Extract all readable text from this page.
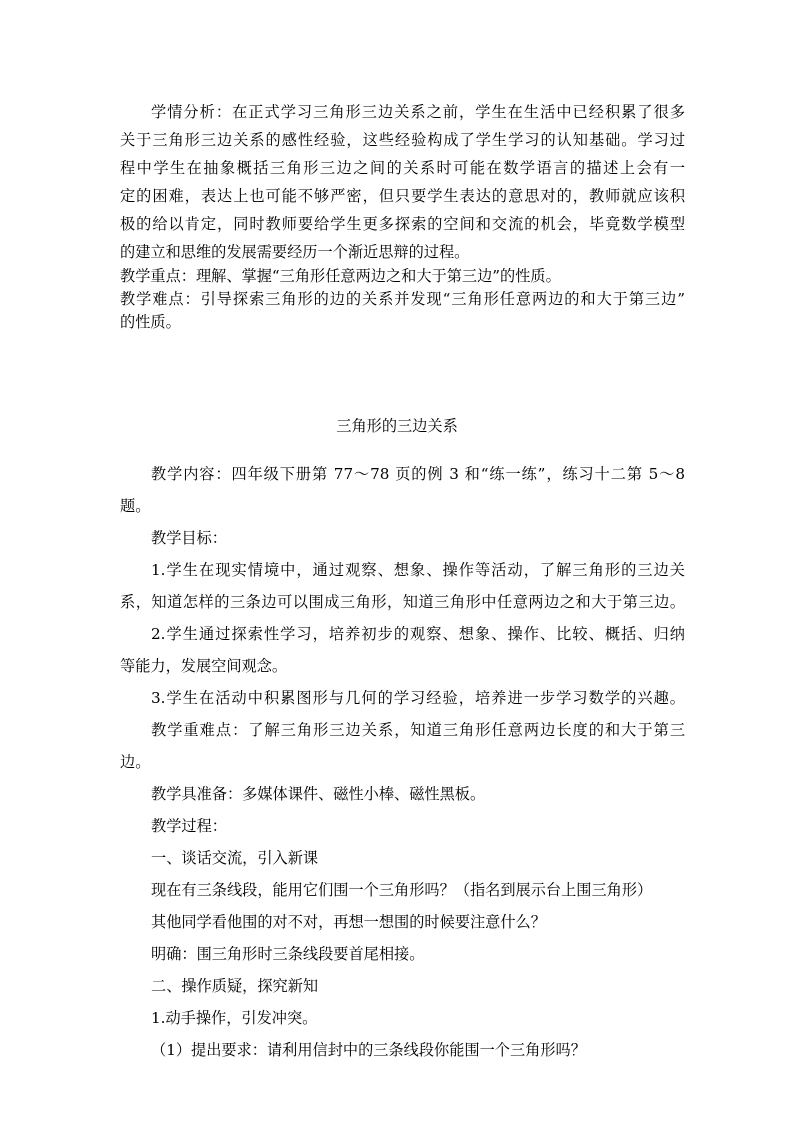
学情分析：在正式学习三角形三边关系之前，学生在生活中已经积累了很多

关于三角形三边关系的感性经验，这些经验构成了学生学习的认知基础。学习过

程中学生在抽象概括三角形三边之间的关系时可能在数学语言的描述上会有一

定的困难，表达上也可能不够严密，但只要学生表达的意思对的，教师就应该积

极的给以肯定，同时教师要给学生更多探索的空间和交流的机会，毕竟数学模型

的建立和思维的发展需要经历一个渐近思辩的过程。

教学重点：理解、掌握“三角形任意两边之和大于第三边”的性质。

教学难点：引导探索三角形的边的关系并发现“三角形任意两边的和大于第三边”

的性质。

三角形的三边关系

教学内容：四年级下册第 77～78 页的例 3 和“练一练”，练习十二第 5～8

题。

教学目标：

1.学生在现实情境中，通过观察、想象、操作等活动，了解三角形的三边关

系，知道怎样的三条边可以围成三角形，知道三角形中任意两边之和大于第三边。

2.学生通过探索性学习，培养初步的观察、想象、操作、比较、概括、归纳

等能力，发展空间观念。

3.学生在活动中积累图形与几何的学习经验，培养进一步学习数学的兴趣。

教学重难点：了解三角形三边关系，知道三角形任意两边长度的和大于第三

边。

教学具准备：多媒体课件、磁性小棒、磁性黑板。

教学过程：

一、谈话交流，引入新课

现在有三条线段，能用它们围一个三角形吗？（指名到展示台上围三角形）

其他同学看他围的对不对，再想一想围的时候要注意什么？

明确：围三角形时三条线段要首尾相接。

二、操作质疑，探究新知

1.动手操作，引发冲突。

（1）提出要求：请利用信封中的三条线段你能围一个三角形吗？
